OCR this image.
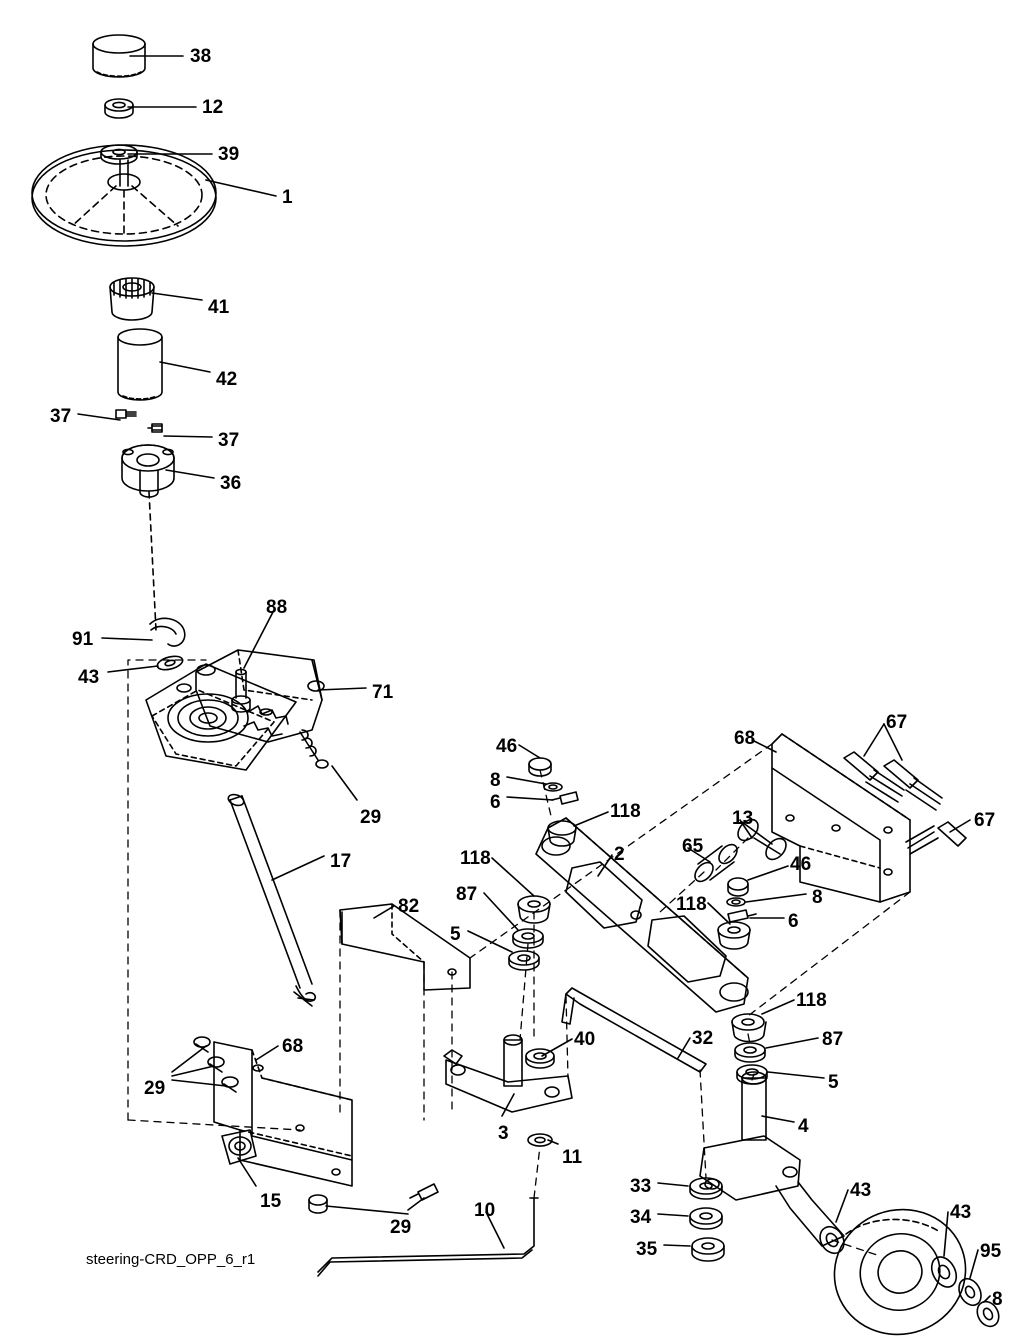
38
12
39
1
41
42
37
37
36
88
91
43
71
29
17
46
8
6	118
118
87
5
82
2	65
13
46
8
6
118
68
67
67
118
87
5
40	32
4
68
29
15
29
3
11
10
33
34
35
43
43
95
8
steering-CRD_OPP_6_r1
